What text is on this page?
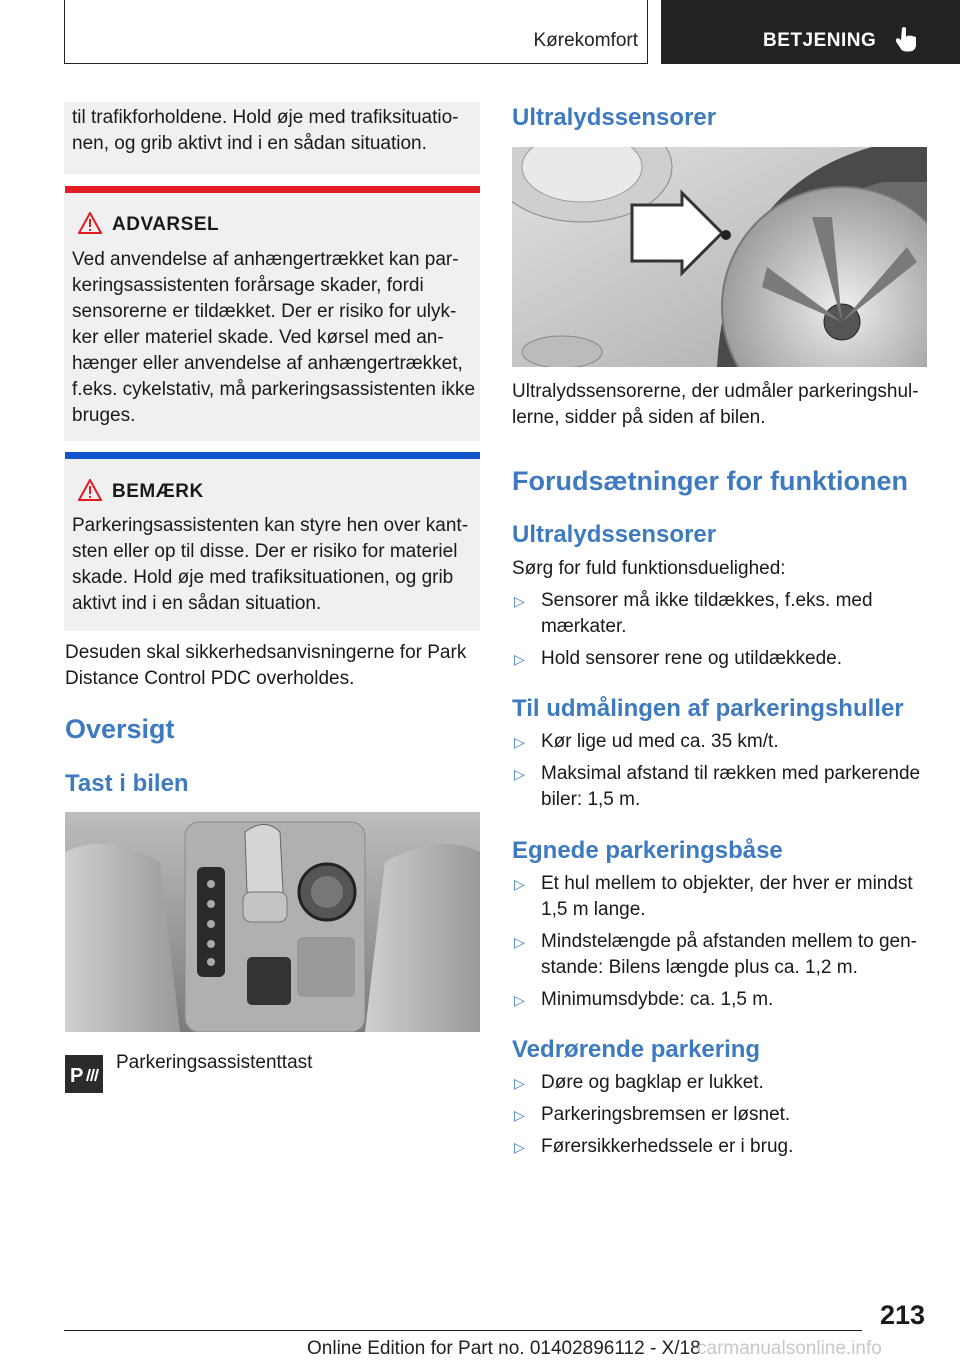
Kørekomfort	BETJENING

til trafikforholdene. Hold øje med trafiksituatio-nen, og grib aktivt ind i en sådan situation.

ADVARSEL

Ved anvendelse af anhængertrækket kan par-keringsassistenten forårsage skader, fordi sensorerne er tildækket. Der er risiko for ulyk-ker eller materiel skade. Ved kørsel med an-hænger eller anvendelse af anhængertrækket, f.eks. cykelstativ, må parkeringsassistenten ikke bruges.

BEMÆRK

Parkeringsassistenten kan styre hen over kant-sten eller op til disse. Der er risiko for materiel skade. Hold øje med trafiksituationen, og grib aktivt ind i en sådan situation.

Desuden skal sikkerhedsanvisningerne for Park Distance Control PDC overholdes.

Oversigt
Tast i bilen
P

Parkeringsassistenttast

Ultralydssensorer

Ultralydssensorerne, der udmåler parkeringshul-lerne, sidder på siden af bilen.

Forudsætninger for funktionen
Ultralydssensorer

Sørg for fuld funktionsduelighed:

▷ Sensorer må ikke tildækkes, f.eks. med mærkater.
▷ Hold sensorer rene og utildækkede.
Til udmålingen af parkeringshuller
▷ Kør lige ud med ca. 35 km/t.
▷ Maksimal afstand til rækken med parkerende biler: 1,5 m.
Egnede parkeringsbåse
▷ Et hul mellem to objekter, der hver er mindst 1,5 m lange.
▷ Mindstelængde på afstanden mellem to gen-stande: Bilens længde plus ca. 1,2 m.
▷ Minimumsdybde: ca. 1,5 m.
Vedrørende parkering
▷ Døre og bagklap er lukket.
▷ Parkeringsbremsen er løsnet.
▷ Førersikkerhedssele er i brug.
213
Online Edition for Part no. 01402896112 - X/18
carmanualsonline.info
